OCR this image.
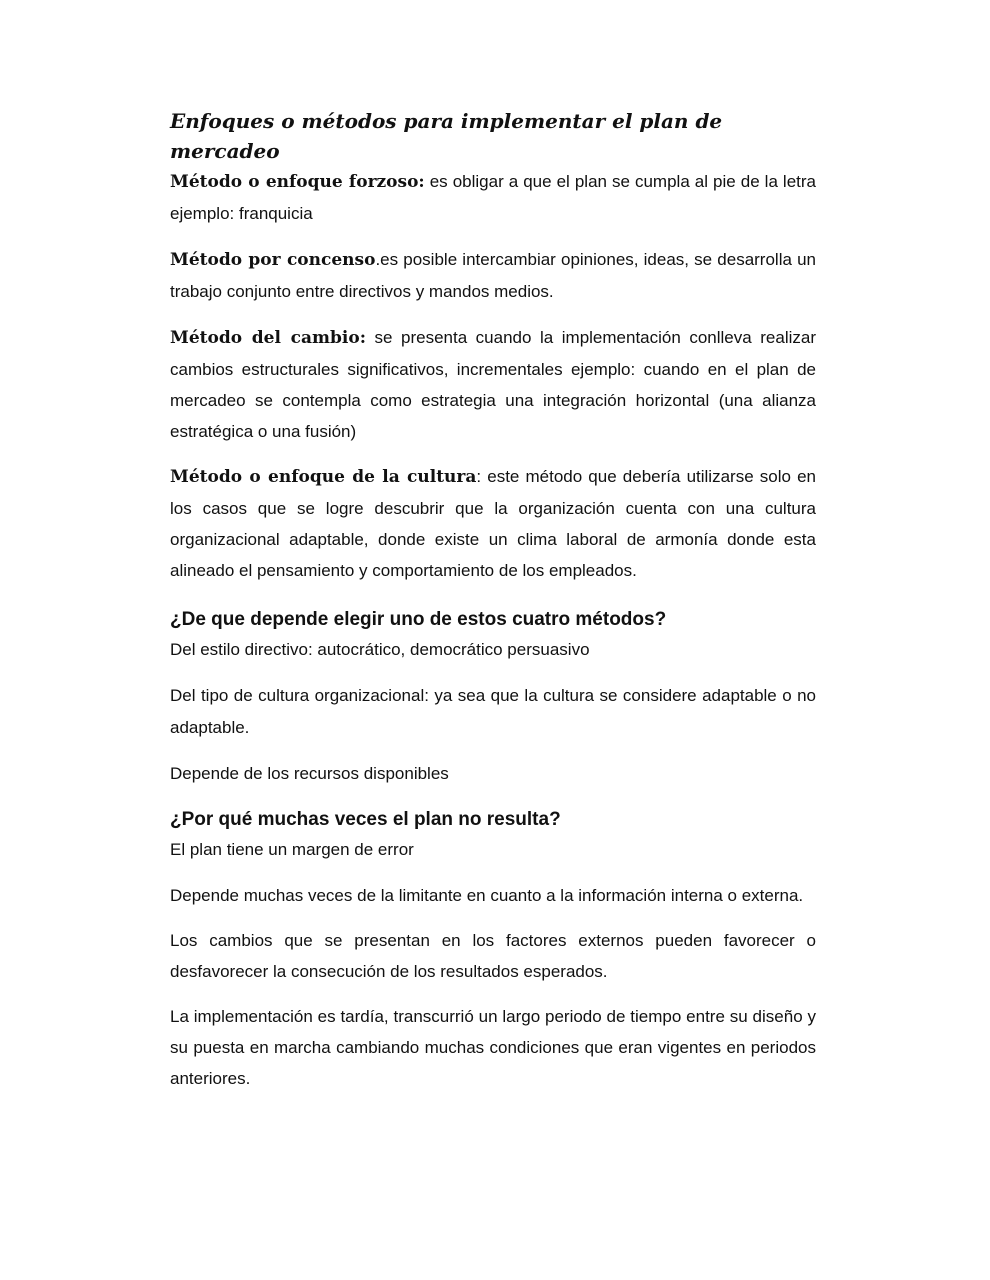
Enfoques o métodos para implementar el plan de mercadeo

Método o enfoque forzoso: es obligar a que el plan se cumpla al pie de la letra ejemplo: franquicia

Método por concenso.es posible intercambiar opiniones, ideas, se desarrolla un trabajo conjunto entre directivos y mandos medios.

Método del cambio: se presenta cuando la implementación conlleva realizar cambios estructurales significativos, incrementales ejemplo: cuando en el plan de mercadeo se contempla como estrategia una integración horizontal (una alianza estratégica o una fusión)

Método o enfoque de la cultura: este método que debería utilizarse solo en los casos que se logre descubrir que la organización cuenta con una cultura organizacional adaptable, donde existe un clima laboral de armonía donde esta alineado el pensamiento y comportamiento de los empleados.

¿De que depende elegir uno de estos cuatro métodos?

Del estilo directivo: autocrático, democrático persuasivo

Del tipo de cultura organizacional: ya sea que la cultura se considere adaptable o no adaptable.

Depende de los recursos disponibles

¿Por qué muchas veces el plan no resulta?

El plan tiene un margen de error

Depende muchas veces de la limitante en cuanto a la información interna o externa.

Los cambios que se presentan en los factores externos pueden favorecer o desfavorecer la consecución de los resultados esperados.

La implementación es tardía, transcurrió un largo periodo de tiempo entre su diseño y su puesta en marcha cambiando muchas condiciones que eran vigentes en periodos anteriores.
